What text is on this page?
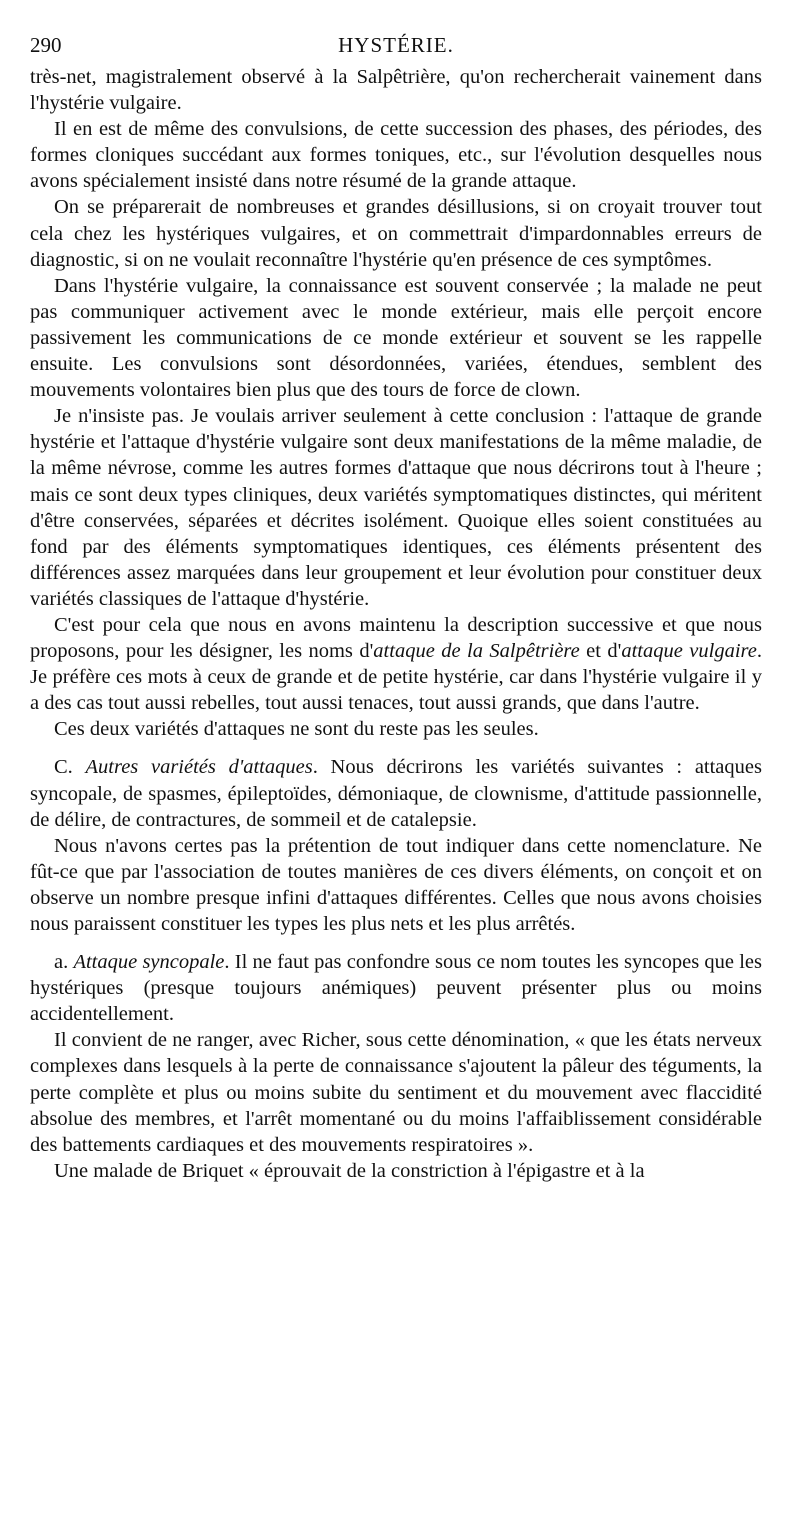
290	HYSTÉRIE.

très-net, magistralement observé à la Salpêtrière, qu'on rechercherait vainement dans l'hystérie vulgaire.

Il en est de même des convulsions, de cette succession des phases, des périodes, des formes cloniques succédant aux formes toniques, etc., sur l'évolution desquelles nous avons spécialement insisté dans notre résumé de la grande attaque.

On se préparerait de nombreuses et grandes désillusions, si on croyait trouver tout cela chez les hystériques vulgaires, et on commettrait d'impardonnables erreurs de diagnostic, si on ne voulait reconnaître l'hystérie qu'en présence de ces symptômes.

Dans l'hystérie vulgaire, la connaissance est souvent conservée ; la malade ne peut pas communiquer activement avec le monde extérieur, mais elle perçoit encore passivement les communications de ce monde extérieur et souvent se les rappelle ensuite. Les convulsions sont désordonnées, variées, étendues, semblent des mouvements volontaires bien plus que des tours de force de clown.

Je n'insiste pas. Je voulais arriver seulement à cette conclusion : l'attaque de grande hystérie et l'attaque d'hystérie vulgaire sont deux manifestations de la même maladie, de la même névrose, comme les autres formes d'attaque que nous décrirons tout à l'heure ; mais ce sont deux types cliniques, deux variétés symptomatiques distinctes, qui méritent d'être conservées, séparées et décrites isolément. Quoique elles soient constituées au fond par des éléments symptomatiques identiques, ces éléments présentent des différences assez marquées dans leur groupement et leur évolution pour constituer deux variétés classiques de l'attaque d'hystérie.

C'est pour cela que nous en avons maintenu la description successive et que nous proposons, pour les désigner, les noms d'attaque de la Salpêtrière et d'attaque vulgaire. Je préfère ces mots à ceux de grande et de petite hystérie, car dans l'hystérie vulgaire il y a des cas tout aussi rebelles, tout aussi tenaces, tout aussi grands, que dans l'autre.

Ces deux variétés d'attaques ne sont du reste pas les seules.

C. Autres variétés d'attaques. Nous décrirons les variétés suivantes : attaques syncopale, de spasmes, épileptoïdes, démoniaque, de clownisme, d'attitude passionnelle, de délire, de contractures, de sommeil et de catalepsie.

Nous n'avons certes pas la prétention de tout indiquer dans cette nomenclature. Ne fût-ce que par l'association de toutes manières de ces divers éléments, on conçoit et on observe un nombre presque infini d'attaques différentes. Celles que nous avons choisies nous paraissent constituer les types les plus nets et les plus arrêtés.

a. Attaque syncopale. Il ne faut pas confondre sous ce nom toutes les syncopes que les hystériques (presque toujours anémiques) peuvent présenter plus ou moins accidentellement.

Il convient de ne ranger, avec Richer, sous cette dénomination, « que les états nerveux complexes dans lesquels à la perte de connaissance s'ajoutent la pâleur des téguments, la perte complète et plus ou moins subite du sentiment et du mouvement avec flaccidité absolue des membres, et l'arrêt momentané ou du moins l'affaiblissement considérable des battements cardiaques et des mouvements respiratoires ».

Une malade de Briquet « éprouvait de la constriction à l'épigastre et à la
